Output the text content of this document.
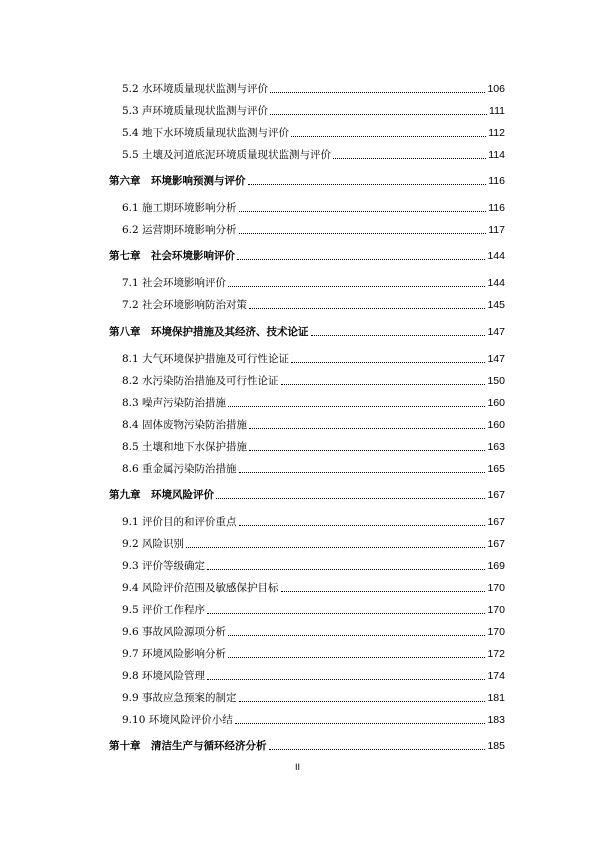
5.2 水环境质量现状监测与评价	106
5.3 声环境质量现状监测与评价	111
5.4 地下水环境质量现状监测与评价	112
5.5 土壤及河道底泥环境质量现状监测与评价	114
第六章　环境影响预测与评价	116
6.1 施工期环境影响分析	116
6.2 运营期环境影响分析	117
第七章　社会环境影响评价	144
7.1 社会环境影响评价	144
7.2 社会环境影响防治对策	145
第八章　环境保护措施及其经济、技术论证	147
8.1 大气环境保护措施及可行性论证	147
8.2 水污染防治措施及可行性论证	150
8.3 噪声污染防治措施	160
8.4 固体废物污染防治措施	160
8.5 土壤和地下水保护措施	163
8.6 重金属污染防治措施	165
第九章　环境风险评价	167
9.1 评价目的和评价重点	167
9.2 风险识别	167
9.3 评价等级确定	169
9.4 风险评价范围及敏感保护目标	170
9.5 评价工作程序	170
9.6 事故风险源项分析	170
9.7 环境风险影响分析	172
9.8 环境风险管理	174
9.9 事故应急预案的制定	181
9.10 环境风险评价小结	183
第十章　清洁生产与循环经济分析	185
II
